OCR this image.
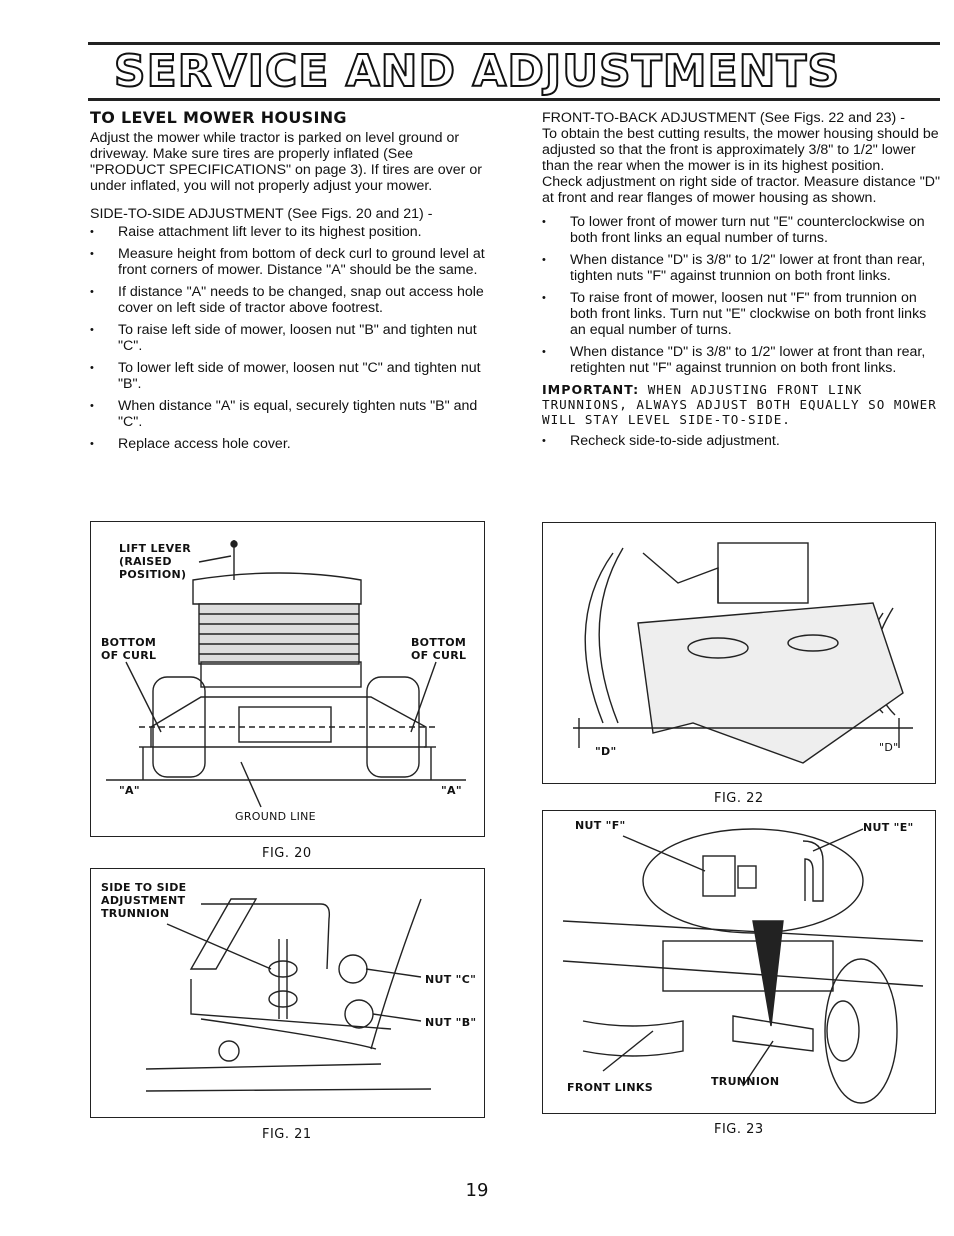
SERVICE AND ADJUSTMENTS
TO LEVEL MOWER HOUSING

Adjust the mower while tractor is parked on level ground or driveway. Make sure tires are properly inflated (See "PRODUCT SPECIFICATIONS" on page 3). If tires are over or under inflated, you will not properly adjust your mower.

SIDE-TO-SIDE ADJUSTMENT (See Figs. 20 and 21) -

• Raise attachment lift lever to its highest position.
• Measure height from bottom of deck curl to ground level at front corners of mower. Distance "A" should be the same.
• If distance "A" needs to be changed, snap out access hole cover on left side of tractor above footrest.
• To raise left side of mower, loosen nut "B" and tighten nut "C".
• To lower left side of mower, loosen nut "C" and tighten nut "B".
• When distance "A" is equal, securely tighten nuts "B" and "C".
• Replace access hole cover.

FRONT-TO-BACK ADJUSTMENT (See Figs. 22 and 23) -

To obtain the best cutting results, the mower housing should be adjusted so that the front is approximately 3/8" to 1/2" lower than the rear when the mower is in its highest position.

Check adjustment on right side of tractor. Measure distance "D" at front and rear flanges of mower housing as shown.

• To lower front of mower turn nut "E" counterclockwise on both front links an equal number of turns.
• When distance "D" is 3/8" to 1/2" lower at front than rear, tighten nuts "F" against trunnion on both front links.
• To raise front of mower, loosen nut "F" from trunnion on both front links. Turn nut "E" clockwise on both front links an equal number of turns.
• When distance "D" is 3/8" to 1/2" lower at front than rear, retighten nut "F" against trunnion on both front links.
IMPORTANT: WHEN ADJUSTING FRONT LINK TRUNNIONS, ALWAYS ADJUST BOTH EQUALLY SO MOWER WILL STAY LEVEL SIDE-TO-SIDE.
• Recheck side-to-side adjustment.
LIFT LEVER
(RAISED
POSITION)
BOTTOM
OF CURL
BOTTOM
OF CURL
"A"	"A"
GROUND LINE
FIG. 20
SIDE TO SIDE
ADJUSTMENT
TRUNNION
NUT "C"
NUT "B"
FIG. 21
"D"	"D"
FIG. 22
NUT "F"	NUT "E"
FRONT LINKS	TRUNNION
FIG. 23
19
